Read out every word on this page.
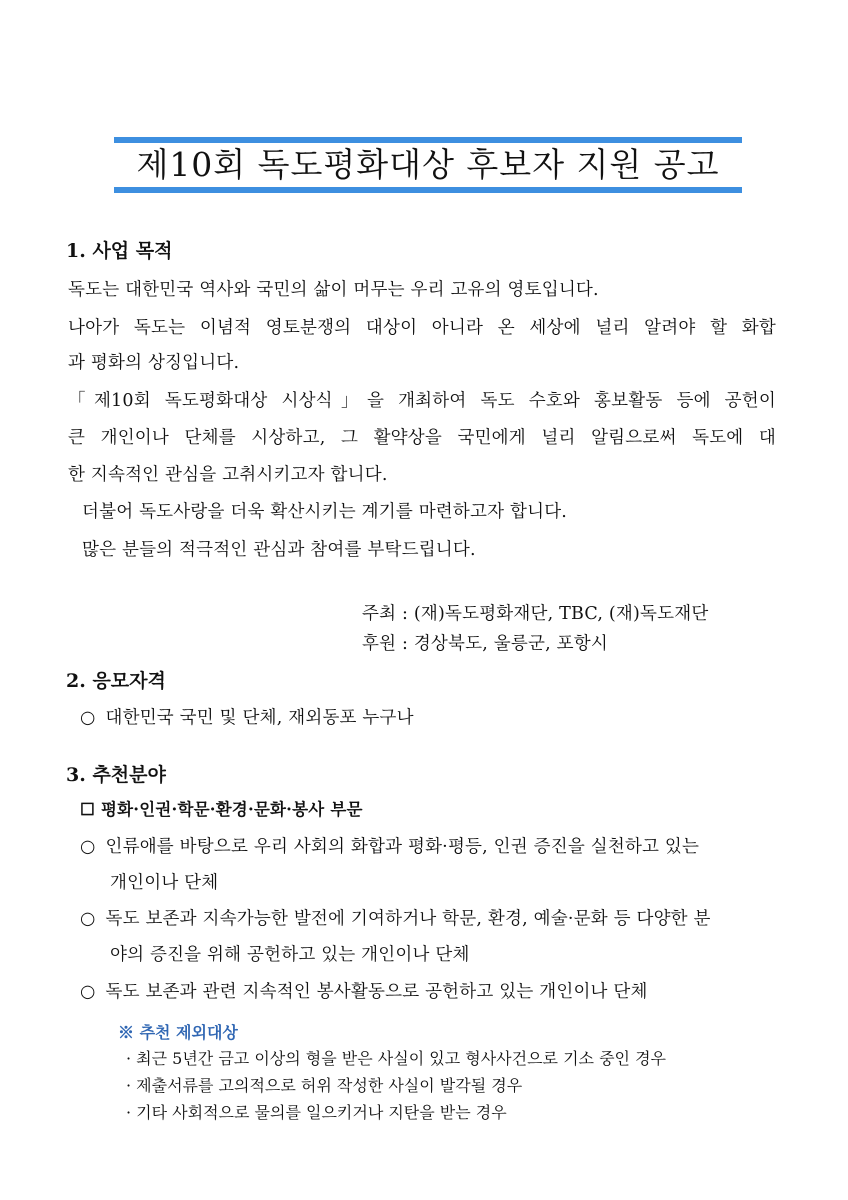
제10회 독도평화대상 후보자 지원 공고
1. 사업 목적
독도는 대한민국 역사와 국민의 삶이 머무는 우리 고유의 영토입니다.
나아가 독도는 이념적 영토분쟁의 대상이 아니라 온 세상에 널리 알려야 할 화합
과 평화의 상징입니다.
「제10회 독도평화대상 시상식」을 개최하여 독도 수호와 홍보활동 등에 공헌이
큰 개인이나 단체를 시상하고, 그 활약상을 국민에게 널리 알림으로써 독도에 대
한 지속적인 관심을 고취시키고자 합니다.
더불어 독도사랑을 더욱 확산시키는 계기를 마련하고자 합니다.
많은 분들의 적극적인 관심과 참여를 부탁드립니다.
주최 : (재)독도평화재단, TBC, (재)독도재단
후원 : 경상북도, 울릉군, 포항시
2. 응모자격
○ 대한민국 국민 및 단체, 재외동포 누구나
3. 추천분야
☐ 평화·인권·학문·환경·문화·봉사 부문
○ 인류애를 바탕으로 우리 사회의 화합과 평화·평등, 인권 증진을 실천하고 있는
개인이나 단체
○ 독도 보존과 지속가능한 발전에 기여하거나 학문, 환경, 예술·문화 등 다양한 분
야의 증진을 위해 공헌하고 있는 개인이나 단체
○ 독도 보존과 관련 지속적인 봉사활동으로 공헌하고 있는 개인이나 단체
※ 추천 제외대상
· 최근 5년간 금고 이상의 형을 받은 사실이 있고 형사사건으로 기소 중인 경우
· 제출서류를 고의적으로 허위 작성한 사실이 발각될 경우
· 기타 사회적으로 물의를 일으키거나 지탄을 받는 경우
